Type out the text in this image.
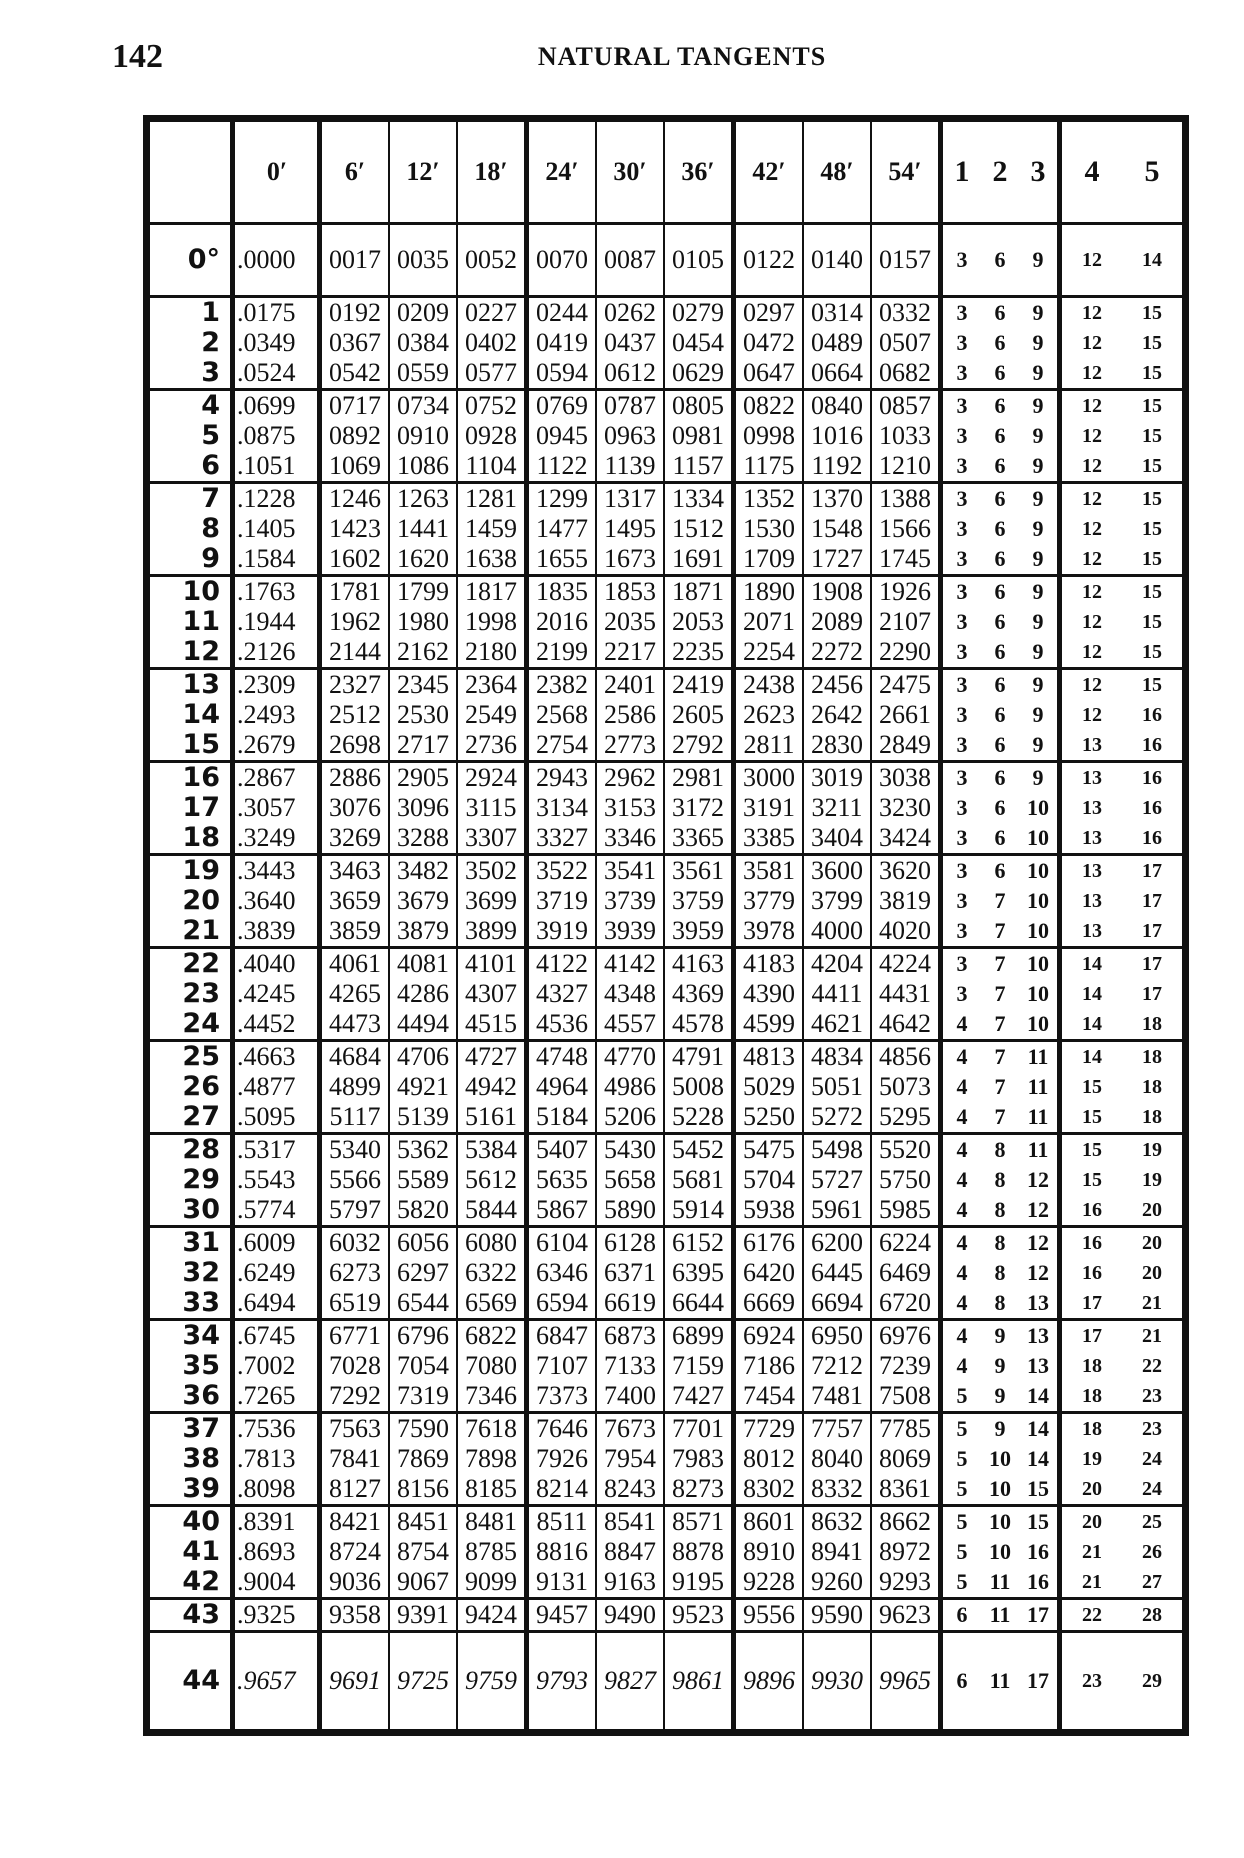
142	NATURAL TANGENTS
	0′	6′	12′	18′	24′	30′	36′	42′	48′	54′	1	2	3	4	5
0°	.0000	0017	0035	0052	0070	0087	0105	0122	0140	0157	3	6	9	12	14
1	.0175	0192	0209	0227	0244	0262	0279	0297	0314	0332	3	6	9	12	15
2	.0349	0367	0384	0402	0419	0437	0454	0472	0489	0507	3	6	9	12	15
3	.0524	0542	0559	0577	0594	0612	0629	0647	0664	0682	3	6	9	12	15
4	.0699	0717	0734	0752	0769	0787	0805	0822	0840	0857	3	6	9	12	15
5	.0875	0892	0910	0928	0945	0963	0981	0998	1016	1033	3	6	9	12	15
6	.1051	1069	1086	1104	1122	1139	1157	1175	1192	1210	3	6	9	12	15
7	.1228	1246	1263	1281	1299	1317	1334	1352	1370	1388	3	6	9	12	15
8	.1405	1423	1441	1459	1477	1495	1512	1530	1548	1566	3	6	9	12	15
9	.1584	1602	1620	1638	1655	1673	1691	1709	1727	1745	3	6	9	12	15
10	.1763	1781	1799	1817	1835	1853	1871	1890	1908	1926	3	6	9	12	15
11	.1944	1962	1980	1998	2016	2035	2053	2071	2089	2107	3	6	9	12	15
12	.2126	2144	2162	2180	2199	2217	2235	2254	2272	2290	3	6	9	12	15
13	.2309	2327	2345	2364	2382	2401	2419	2438	2456	2475	3	6	9	12	15
14	.2493	2512	2530	2549	2568	2586	2605	2623	2642	2661	3	6	9	12	16
15	.2679	2698	2717	2736	2754	2773	2792	2811	2830	2849	3	6	9	13	16
16	.2867	2886	2905	2924	2943	2962	2981	3000	3019	3038	3	6	9	13	16
17	.3057	3076	3096	3115	3134	3153	3172	3191	3211	3230	3	6	10	13	16
18	.3249	3269	3288	3307	3327	3346	3365	3385	3404	3424	3	6	10	13	16
19	.3443	3463	3482	3502	3522	3541	3561	3581	3600	3620	3	6	10	13	17
20	.3640	3659	3679	3699	3719	3739	3759	3779	3799	3819	3	7	10	13	17
21	.3839	3859	3879	3899	3919	3939	3959	3978	4000	4020	3	7	10	13	17
22	.4040	4061	4081	4101	4122	4142	4163	4183	4204	4224	3	7	10	14	17
23	.4245	4265	4286	4307	4327	4348	4369	4390	4411	4431	3	7	10	14	17
24	.4452	4473	4494	4515	4536	4557	4578	4599	4621	4642	4	7	10	14	18
25	.4663	4684	4706	4727	4748	4770	4791	4813	4834	4856	4	7	11	14	18
26	.4877	4899	4921	4942	4964	4986	5008	5029	5051	5073	4	7	11	15	18
27	.5095	5117	5139	5161	5184	5206	5228	5250	5272	5295	4	7	11	15	18
28	.5317	5340	5362	5384	5407	5430	5452	5475	5498	5520	4	8	11	15	19
29	.5543	5566	5589	5612	5635	5658	5681	5704	5727	5750	4	8	12	15	19
30	.5774	5797	5820	5844	5867	5890	5914	5938	5961	5985	4	8	12	16	20
31	.6009	6032	6056	6080	6104	6128	6152	6176	6200	6224	4	8	12	16	20
32	.6249	6273	6297	6322	6346	6371	6395	6420	6445	6469	4	8	12	16	20
33	.6494	6519	6544	6569	6594	6619	6644	6669	6694	6720	4	8	13	17	21
34	.6745	6771	6796	6822	6847	6873	6899	6924	6950	6976	4	9	13	17	21
35	.7002	7028	7054	7080	7107	7133	7159	7186	7212	7239	4	9	13	18	22
36	.7265	7292	7319	7346	7373	7400	7427	7454	7481	7508	5	9	14	18	23
37	.7536	7563	7590	7618	7646	7673	7701	7729	7757	7785	5	9	14	18	23
38	.7813	7841	7869	7898	7926	7954	7983	8012	8040	8069	5	10	14	19	24
39	.8098	8127	8156	8185	8214	8243	8273	8302	8332	8361	5	10	15	20	24
40	.8391	8421	8451	8481	8511	8541	8571	8601	8632	8662	5	10	15	20	25
41	.8693	8724	8754	8785	8816	8847	8878	8910	8941	8972	5	10	16	21	26
42	.9004	9036	9067	9099	9131	9163	9195	9228	9260	9293	5	11	16	21	27
43	.9325	9358	9391	9424	9457	9490	9523	9556	9590	9623	6	11	17	22	28
44	.9657	9691	9725	9759	9793	9827	9861	9896	9930	9965	6	11	17	23	29
